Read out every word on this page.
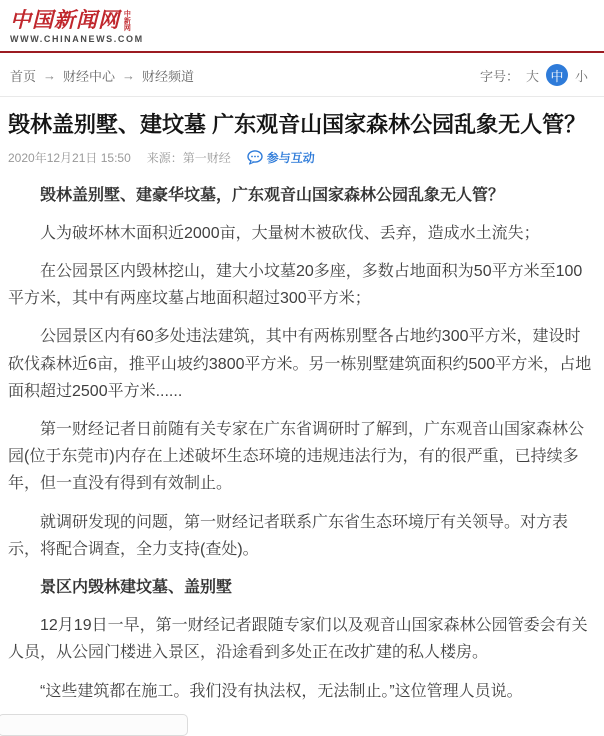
中国新闻网 中新网
WWW.CHINANEWS.COM
首页 → 财经中心 → 财经频道	字号： 大 中 小
毁林盖别墅、建坟墓 广东观音山国家森林公园乱象无人管？
2020年12月21日 15:50 来源：第一财经	参与互动

毁林盖别墅、建豪华坟墓，广东观音山国家森林公园乱象无人管？

人为破坏林木面积近2000亩，大量树木被砍伐、丢弃，造成水土流失；

在公园景区内毁林挖山，建大小坟墓20多座，多数占地面积为50平方米至100平方米，其中有两座坟墓占地面积超过300平方米；

公园景区内有60多处违法建筑，其中有两栋别墅各占地约300平方米，建设时砍伐森林近6亩，推平山坡约3800平方米。另一栋别墅建筑面积约500平方米，占地面积超过2500平方米......

第一财经记者日前随有关专家在广东省调研时了解到，广东观音山国家森林公园(位于东莞市)内存在上述破坏生态环境的违规违法行为，有的很严重，已持续多年，但一直没有得到有效制止。

就调研发现的问题，第一财经记者联系广东省生态环境厅有关领导。对方表示，将配合调查，全力支持(查处)。

景区内毁林建坟墓、盖别墅

12月19日一早，第一财经记者跟随专家们以及观音山国家森林公园管委会有关人员，从公园门楼进入景区，沿途看到多处正在改扩建的私人楼房。

“这些建筑都在施工。我们没有执法权，无法制止。”这位管理人员说。
